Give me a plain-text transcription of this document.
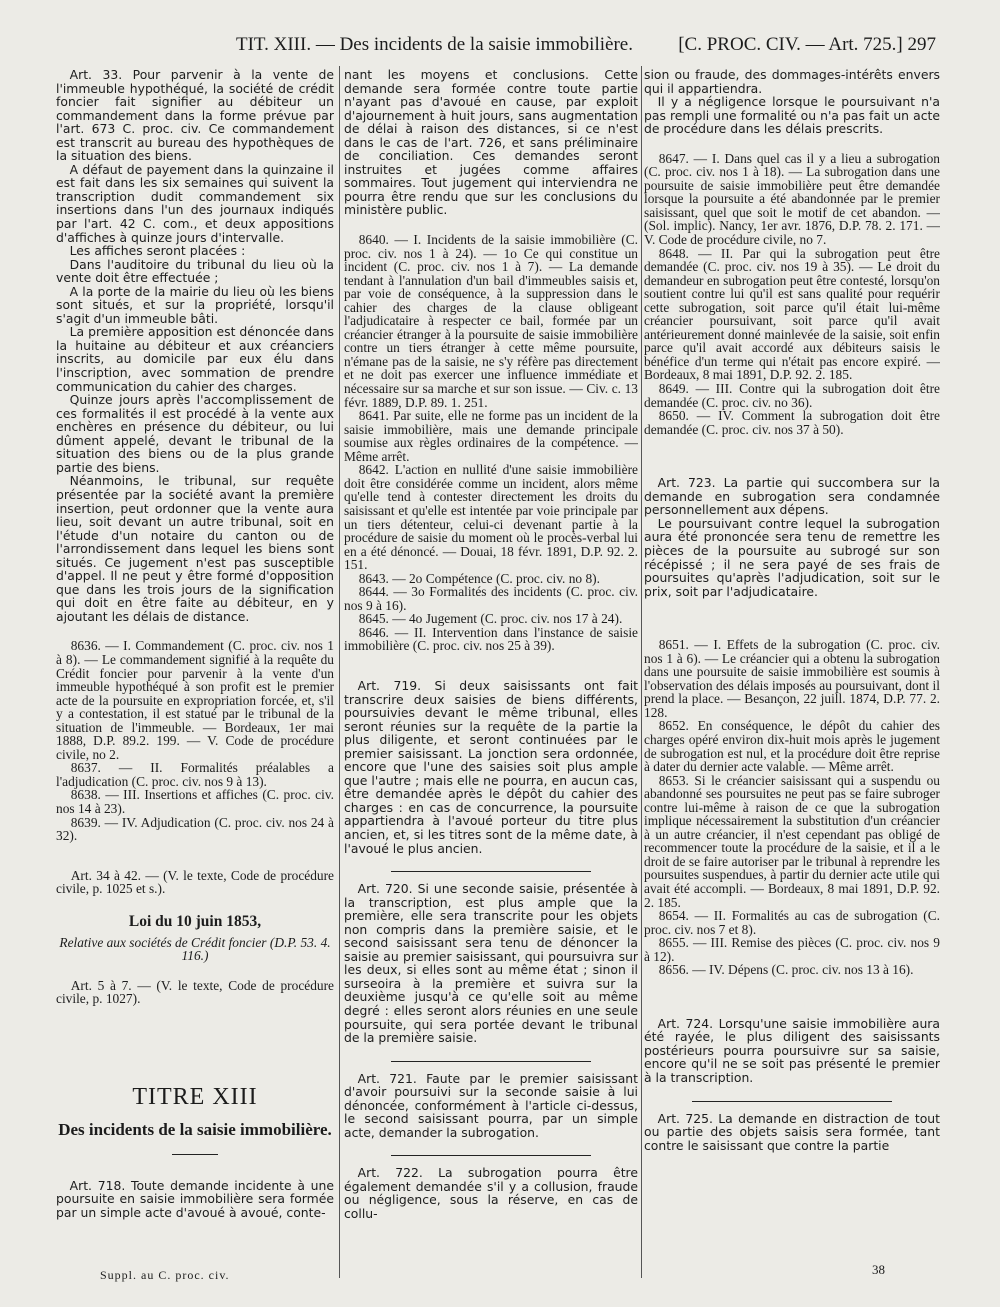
TIT. XIII. — Des incidents de la saisie immobilière. [C. PROC. CIV. — Art. 725.] 297

Art. 33. Pour parvenir à la vente de l'immeuble hypothéqué, la société de crédit foncier fait signifier au débiteur un commandement dans la forme prévue par l'art. 673 C. proc. civ. Ce commandement est transcrit au bureau des hypothèques de la situation des biens.

A défaut de payement dans la quinzaine il est fait dans les six semaines qui suivent la transcription dudit commandement six insertions dans l'un des journaux indiqués par l'art. 42 C. com., et deux appositions d'affiches à quinze jours d'intervalle.

Les affiches seront placées :

Dans l'auditoire du tribunal du lieu où la vente doit être effectuée ;

A la porte de la mairie du lieu où les biens sont situés, et sur la propriété, lorsqu'il s'agit d'un immeuble bâti.

La première apposition est dénoncée dans la huitaine au débiteur et aux créanciers inscrits, au domicile par eux élu dans l'inscription, avec sommation de prendre communication du cahier des charges.

Quinze jours après l'accomplissement de ces formalités il est procédé à la vente aux enchères en présence du débiteur, ou lui dûment appelé, devant le tribunal de la situation des biens ou de la plus grande partie des biens.

Néanmoins, le tribunal, sur requête présentée par la société avant la première insertion, peut ordonner que la vente aura lieu, soit devant un autre tribunal, soit en l'étude d'un notaire du canton ou de l'arrondissement dans lequel les biens sont situés. Ce jugement n'est pas susceptible d'appel. Il ne peut y être formé d'opposition que dans les trois jours de la signification qui doit en être faite au débiteur, en y ajoutant les délais de distance.

8636. — I. Commandement (C. proc. civ. nos 1 à 8). — Le commandement signifié à la requête du Crédit foncier pour parvenir à la vente d'un immeuble hypothéqué à son profit est le premier acte de la poursuite en expropriation forcée, et, s'il y a contestation, il est statué par le tribunal de la situation de l'immeuble. — Bordeaux, 1er mai 1888, D.P. 89.2. 199. — V. Code de procédure civile, no 2.

8637. — II. Formalités préalables a l'adjudication (C. proc. civ. nos 9 à 13).

8638. — III. Insertions et affiches (C. proc. civ. nos 14 à 23).

8639. — IV. Adjudication (C. proc. civ. nos 24 à 32).

Art. 34 à 42. — (V. le texte, Code de procédure civile, p. 1025 et s.).

Loi du 10 juin 1853,

Relative aux sociétés de Crédit foncier (D.P. 53. 4. 116.)

Art. 5 à 7. — (V. le texte, Code de procédure civile, p. 1027).

TITRE XIII
Des incidents de la saisie immobilière.

Art. 718. Toute demande incidente à une poursuite en saisie immobilière sera formée par un simple acte d'avoué à avoué, conte-

nant les moyens et conclusions. Cette demande sera formée contre toute partie n'ayant pas d'avoué en cause, par exploit d'ajournement à huit jours, sans augmentation de délai à raison des distances, si ce n'est dans le cas de l'art. 726, et sans préliminaire de conciliation. Ces demandes seront instruites et jugées comme affaires sommaires. Tout jugement qui interviendra ne pourra être rendu que sur les conclusions du ministère public.

8640. — I. Incidents de la saisie immobilière (C. proc. civ. nos 1 à 24). — 1o Ce qui constitue un incident (C. proc. civ. nos 1 à 7). — La demande tendant à l'annulation d'un bail d'immeubles saisis et, par voie de conséquence, à la suppression dans le cahier des charges de la clause obligeant l'adjudicataire à respecter ce bail, formée par un créancier étranger à la poursuite de saisie immobilière contre un tiers étranger à cette même poursuite, n'émane pas de la saisie, ne s'y réfère pas directement et ne doit pas exercer une influence immédiate et nécessaire sur sa marche et sur son issue. — Civ. c. 13 févr. 1889, D.P. 89. 1. 251.

8641. Par suite, elle ne forme pas un incident de la saisie immobilière, mais une demande principale soumise aux règles ordinaires de la compétence. — Même arrêt.

8642. L'action en nullité d'une saisie immobilière doit être considérée comme un incident, alors même qu'elle tend à contester directement les droits du saisissant et qu'elle est intentée par voie principale par un tiers détenteur, celui-ci devenant partie à la procédure de saisie du moment où le procès-verbal lui en a été dénoncé. — Douai, 18 févr. 1891, D.P. 92. 2. 151.

8643. — 2o Compétence (C. proc. civ. no 8).

8644. — 3o Formalités des incidents (C. proc. civ. nos 9 à 16).

8645. — 4o Jugement (C. proc. civ. nos 17 à 24).

8646. — II. Intervention dans l'instance de saisie immobilière (C. proc. civ. nos 25 à 39).

Art. 719. Si deux saisissants ont fait transcrire deux saisies de biens différents, poursuivies devant le même tribunal, elles seront réunies sur la requête de la partie la plus diligente, et seront continuées par le premier saisissant. La jonction sera ordonnée, encore que l'une des saisies soit plus ample que l'autre ; mais elle ne pourra, en aucun cas, être demandée après le dépôt du cahier des charges : en cas de concurrence, la poursuite appartiendra à l'avoué porteur du titre plus ancien, et, si les titres sont de la même date, à l'avoué le plus ancien.

Art. 720. Si une seconde saisie, présentée à la transcription, est plus ample que la première, elle sera transcrite pour les objets non compris dans la première saisie, et le second saisissant sera tenu de dénoncer la saisie au premier saisissant, qui poursuivra sur les deux, si elles sont au même état ; sinon il surseoira à la première et suivra sur la deuxième jusqu'à ce qu'elle soit au même degré : elles seront alors réunies en une seule poursuite, qui sera portée devant le tribunal de la première saisie.

Art. 721. Faute par le premier saisissant d'avoir poursuivi sur la seconde saisie à lui dénoncée, conformément à l'article ci-dessus, le second saisissant pourra, par un simple acte, demander la subrogation.

Art. 722. La subrogation pourra être également demandée s'il y a collusion, fraude ou négligence, sous la réserve, en cas de collu-

sion ou fraude, des dommages-intérêts envers qui il appartiendra.

Il y a négligence lorsque le poursuivant n'a pas rempli une formalité ou n'a pas fait un acte de procédure dans les délais prescrits.

8647. — I. Dans quel cas il y a lieu a subrogation (C. proc. civ. nos 1 à 18). — La subrogation dans une poursuite de saisie immobilière peut être demandée lorsque la poursuite a été abandonnée par le premier saisissant, quel que soit le motif de cet abandon. — (Sol. implic). Nancy, 1er avr. 1876, D.P. 78. 2. 171. — V. Code de procédure civile, no 7.

8648. — II. Par qui la subrogation peut être demandée (C. proc. civ. nos 19 à 35). — Le droit du demandeur en subrogation peut être contesté, lorsqu'on soutient contre lui qu'il est sans qualité pour requérir cette subrogation, soit parce qu'il était lui-même créancier poursuivant, soit parce qu'il avait antérieurement donné mainlevée de la saisie, soit enfin parce qu'il avait accordé aux débiteurs saisis le bénéfice d'un terme qui n'était pas encore expiré. — Bordeaux, 8 mai 1891, D.P. 92. 2. 185.

8649. — III. Contre qui la subrogation doit être demandée (C. proc. civ. no 36).

8650. — IV. Comment la subrogation doit être demandée (C. proc. civ. nos 37 à 50).

Art. 723. La partie qui succombera sur la demande en subrogation sera condamnée personnellement aux dépens.

Le poursuivant contre lequel la subrogation aura été prononcée sera tenu de remettre les pièces de la poursuite au subrogé sur son récépissé ; il ne sera payé de ses frais de poursuites qu'après l'adjudication, soit sur le prix, soit par l'adjudicataire.

8651. — I. Effets de la subrogation (C. proc. civ. nos 1 à 6). — Le créancier qui a obtenu la subrogation dans une poursuite de saisie immobilière est soumis à l'observation des délais imposés au poursuivant, dont il prend la place. — Besançon, 22 juill. 1874, D.P. 77. 2. 128.

8652. En conséquence, le dépôt du cahier des charges opéré environ dix-huit mois après le jugement de subrogation est nul, et la procédure doit être reprise à dater du dernier acte valable. — Même arrêt.

8653. Si le créancier saisissant qui a suspendu ou abandonné ses poursuites ne peut pas se faire subroger contre lui-même à raison de ce que la subrogation implique nécessairement la substitution d'un créancier à un autre créancier, il n'est cependant pas obligé de recommencer toute la procédure de la saisie, et il a le droit de se faire autoriser par le tribunal à reprendre les poursuites suspendues, à partir du dernier acte utile qui avait été accompli. — Bordeaux, 8 mai 1891, D.P. 92. 2. 185.

8654. — II. Formalités au cas de subrogation (C. proc. civ. nos 7 et 8).

8655. — III. Remise des pièces (C. proc. civ. nos 9 à 12).

8656. — IV. Dépens (C. proc. civ. nos 13 à 16).

Art. 724. Lorsqu'une saisie immobilière aura été rayée, le plus diligent des saisissants postérieurs pourra poursuivre sur sa saisie, encore qu'il ne se soit pas présenté le premier à la transcription.

Art. 725. La demande en distraction de tout ou partie des objets saisis sera formée, tant contre le saisissant que contre la partie

Suppl. au C. proc. civ.	38
